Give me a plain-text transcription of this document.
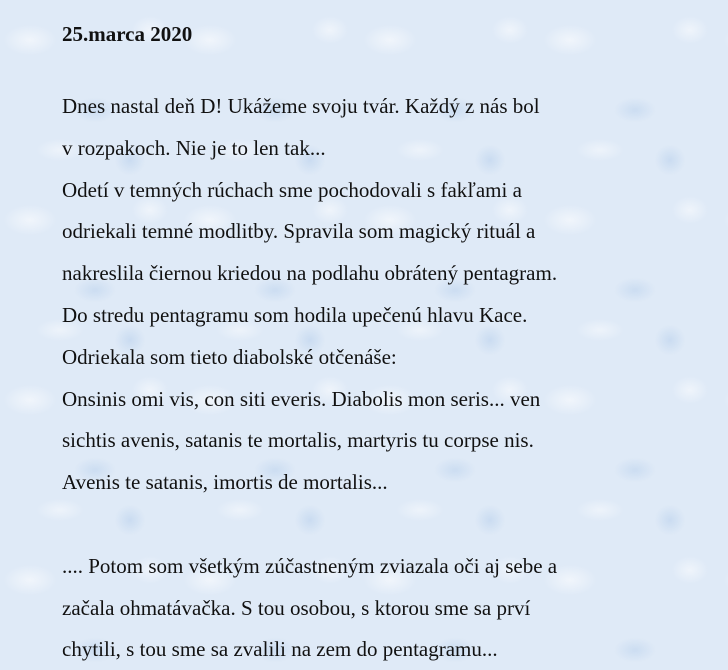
25.marca 2020
Dnes nastal deň D! Ukážeme svoju tvár. Každý z nás bol
v rozpakoch. Nie je to len tak...
Odetí v temných rúchach sme pochodovali s fakľami a
odriekali temné modlitby. Spravila som magický rituál a
nakreslila čiernou kriedou na podlahu obrátený pentagram.
Do stredu pentagramu som hodila upečenú hlavu Kace.
Odriekala som tieto diabolské otčenáše:
Onsinis omi vis, con siti everis. Diabolis mon seris... ven
sichtis avenis, satanis te mortalis, martyris tu corpse nis.
Avenis te satanis, imortis de mortalis...
.... Potom som všetkým zúčastneným zviazala oči aj sebe a
začala ohmatávačka. S tou osobou, s ktorou sme sa prví
chytili, s tou sme sa zvalili na zem do pentagramu...
